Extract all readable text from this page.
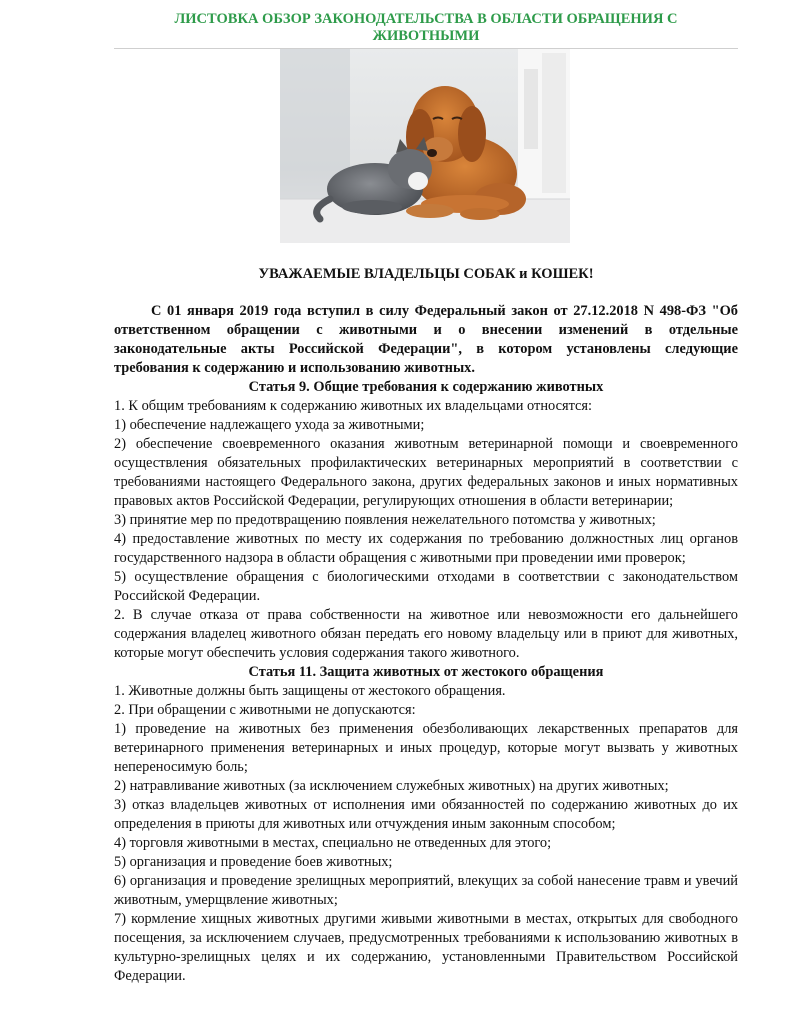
ЛИСТОВКА ОБЗОР ЗАКОНОДАТЕЛЬСТВА В ОБЛАСТИ ОБРАЩЕНИЯ С
ЖИВОТНЫМИ
УВАЖАЕМЫЕ ВЛАДЕЛЬЦЫ СОБАК и КОШЕК!

С 01 января 2019 года вступил в силу Федеральный закон от 27.12.2018 N 498-ФЗ "Об ответственном обращении с животными и о внесении изменений в отдельные законодательные акты Российской Федерации", в котором установлены следующие требования к содержанию и использованию животных.

Статья 9. Общие требования к содержанию животных

1. К общим требованиям к содержанию животных их владельцами относятся:

1) обеспечение надлежащего ухода за животными;

2) обеспечение своевременного оказания животным ветеринарной помощи и своевременного осуществления обязательных профилактических ветеринарных мероприятий в соответствии с требованиями настоящего Федерального закона, других федеральных законов и иных нормативных правовых актов Российской Федерации, регулирующих отношения в области ветеринарии;

3) принятие мер по предотвращению появления нежелательного потомства у животных;

4) предоставление животных по месту их содержания по требованию должностных лиц органов государственного надзора в области обращения с животными при проведении ими проверок;

5) осуществление обращения с биологическими отходами в соответствии с законодательством Российской Федерации.

2. В случае отказа от права собственности на животное или невозможности его дальнейшего содержания владелец животного обязан передать его новому владельцу или в приют для животных, которые могут обеспечить условия содержания такого животного.

Статья 11. Защита животных от жестокого обращения

1. Животные должны быть защищены от жестокого обращения.

2. При обращении с животными не допускаются:

1) проведение на животных без применения обезболивающих лекарственных препаратов для ветеринарного применения ветеринарных и иных процедур, которые могут вызвать у животных непереносимую боль;

2) натравливание животных (за исключением служебных животных) на других животных;

3) отказ владельцев животных от исполнения ими обязанностей по содержанию животных до их определения в приюты для животных или отчуждения иным законным способом;

4) торговля животными в местах, специально не отведенных для этого;

5) организация и проведение боев животных;

6) организация и проведение зрелищных мероприятий, влекущих за собой нанесение травм и увечий животным, умерщвление животных;

7) кормление хищных животных другими живыми животными в местах, открытых для свободного посещения, за исключением случаев, предусмотренных требованиями к использованию животных в культурно-зрелищных целях и их содержанию, установленными Правительством Российской Федерации.
